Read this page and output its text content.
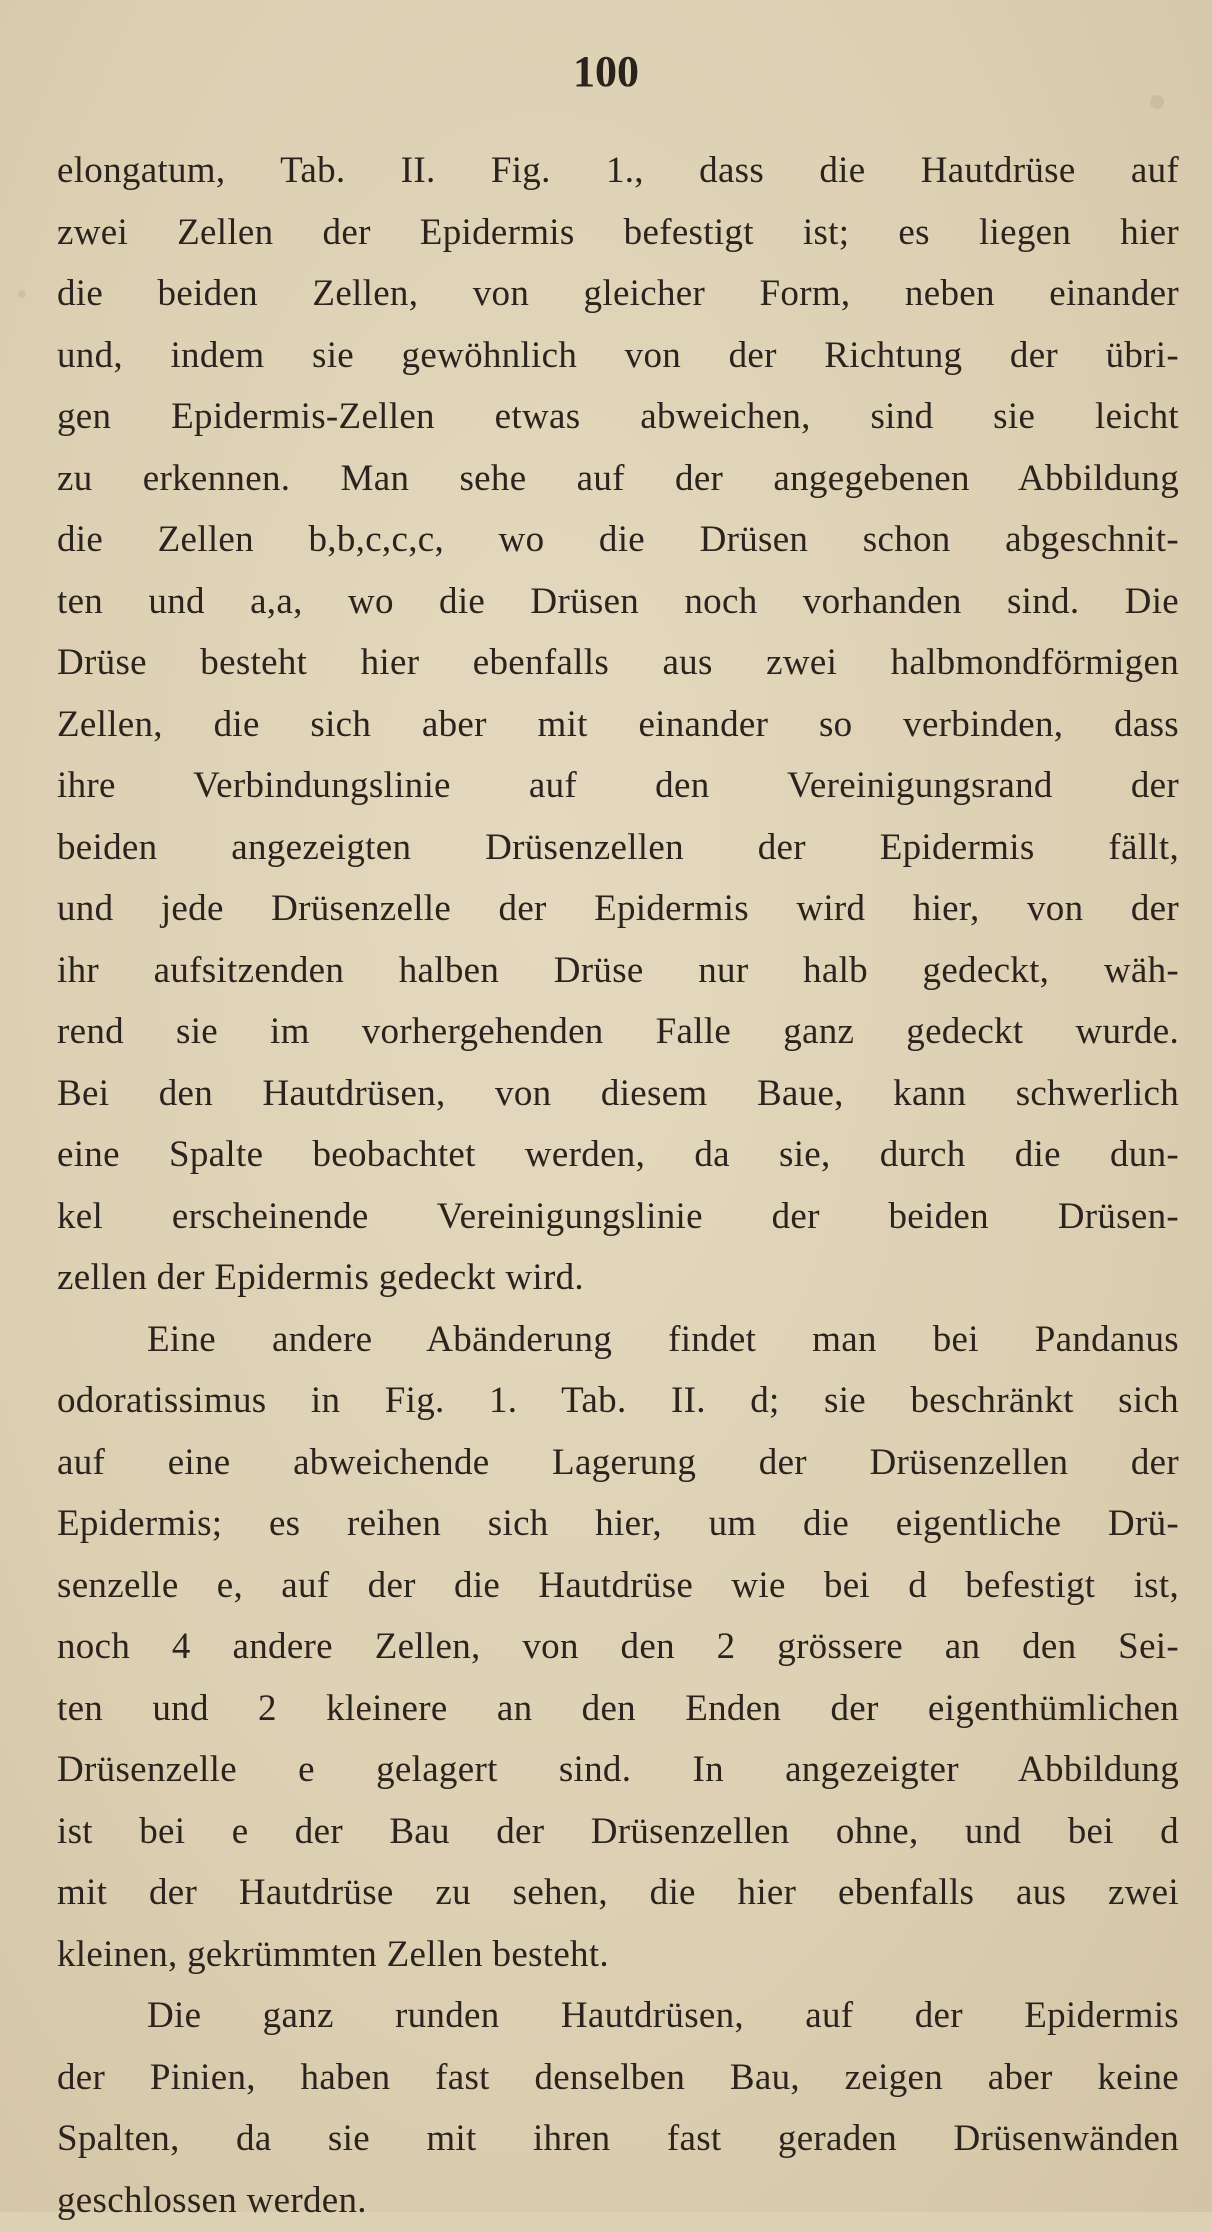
100
elongatum, Tab. II. Fig. 1., dass die Hautdrüse auf
zwei Zellen der Epidermis befestigt ist; es liegen hier
die beiden Zellen, von gleicher Form, neben einander
und, indem sie gewöhnlich von der Richtung der übri-
gen Epidermis-Zellen etwas abweichen, sind sie leicht
zu erkennen. Man sehe auf der angegebenen Abbildung
die Zellen b,b,c,c,c, wo die Drüsen schon abgeschnit-
ten und a,a, wo die Drüsen noch vorhanden sind. Die
Drüse besteht hier ebenfalls aus zwei halbmondförmigen
Zellen, die sich aber mit einander so verbinden, dass
ihre Verbindungslinie auf den Vereinigungsrand der
beiden angezeigten Drüsenzellen der Epidermis fällt,
und jede Drüsenzelle der Epidermis wird hier, von der
ihr aufsitzenden halben Drüse nur halb gedeckt, wäh-
rend sie im vorhergehenden Falle ganz gedeckt wurde.
Bei den Hautdrüsen, von diesem Baue, kann schwerlich
eine Spalte beobachtet werden, da sie, durch die dun-
kel erscheinende Vereinigungslinie der beiden Drüsen-
zellen der Epidermis gedeckt wird.
Eine andere Abänderung findet man bei Pandanus
odoratissimus in Fig. 1. Tab. II. d; sie beschränkt sich
auf eine abweichende Lagerung der Drüsenzellen der
Epidermis; es reihen sich hier, um die eigentliche Drü-
senzelle e, auf der die Hautdrüse wie bei d befestigt ist,
noch 4 andere Zellen, von den 2 grössere an den Sei-
ten und 2 kleinere an den Enden der eigenthümlichen
Drüsenzelle e gelagert sind. In angezeigter Abbildung
ist bei e der Bau der Drüsenzellen ohne, und bei d
mit der Hautdrüse zu sehen, die hier ebenfalls aus zwei
kleinen, gekrümmten Zellen besteht.
Die ganz runden Hautdrüsen, auf der Epidermis
der Pinien, haben fast denselben Bau, zeigen aber keine
Spalten, da sie mit ihren fast geraden Drüsenwänden
geschlossen werden.
